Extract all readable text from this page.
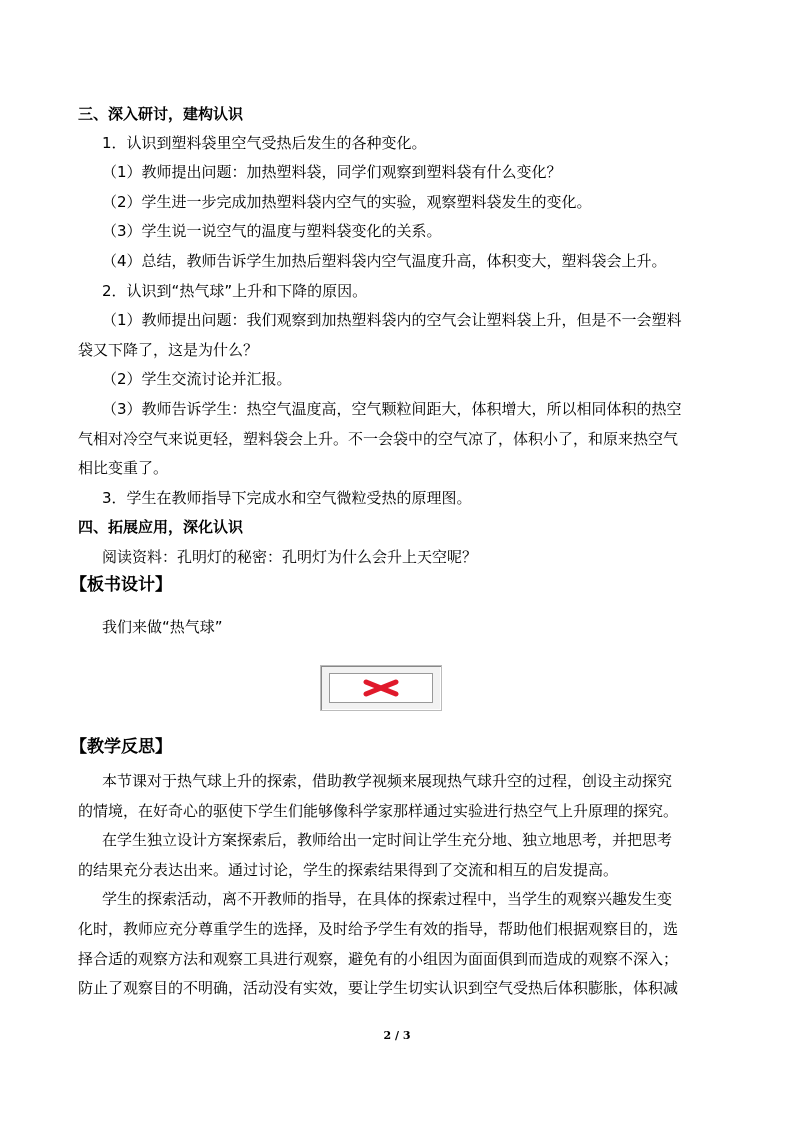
三、深入研讨，建构认识
1．认识到塑料袋里空气受热后发生的各种变化。
（1）教师提出问题：加热塑料袋，同学们观察到塑料袋有什么变化？
（2）学生进一步完成加热塑料袋内空气的实验，观察塑料袋发生的变化。
（3）学生说一说空气的温度与塑料袋变化的关系。
（4）总结，教师告诉学生加热后塑料袋内空气温度升高，体积变大，塑料袋会上升。
2．认识到“热气球”上升和下降的原因。
（1）教师提出问题：我们观察到加热塑料袋内的空气会让塑料袋上升，但是不一会塑料
袋又下降了，这是为什么？
（2）学生交流讨论并汇报。
（3）教师告诉学生：热空气温度高，空气颗粒间距大，体积增大，所以相同体积的热空
气相对冷空气来说更轻，塑料袋会上升。不一会袋中的空气凉了，体积小了，和原来热空气
相比变重了。
3．学生在教师指导下完成水和空气微粒受热的原理图。
四、拓展应用，深化认识
阅读资料：孔明灯的秘密：孔明灯为什么会升上天空呢？
【板书设计】
我们来做“热气球”
【教学反思】
本节课对于热气球上升的探索，借助教学视频来展现热气球升空的过程，创设主动探究
的情境，在好奇心的驱使下学生们能够像科学家那样通过实验进行热空气上升原理的探究。
在学生独立设计方案探索后，教师给出一定时间让学生充分地、独立地思考，并把思考
的结果充分表达出来。通过讨论，学生的探索结果得到了交流和相互的启发提高。
学生的探索活动，离不开教师的指导，在具体的探索过程中，当学生的观察兴趣发生变
化时，教师应充分尊重学生的选择，及时给予学生有效的指导，帮助他们根据观察目的，选
择合适的观察方法和观察工具进行观察，避免有的小组因为面面俱到而造成的观察不深入；
防止了观察目的不明确，活动没有实效，要让学生切实认识到空气受热后体积膨胀，体积减
2 / 3
